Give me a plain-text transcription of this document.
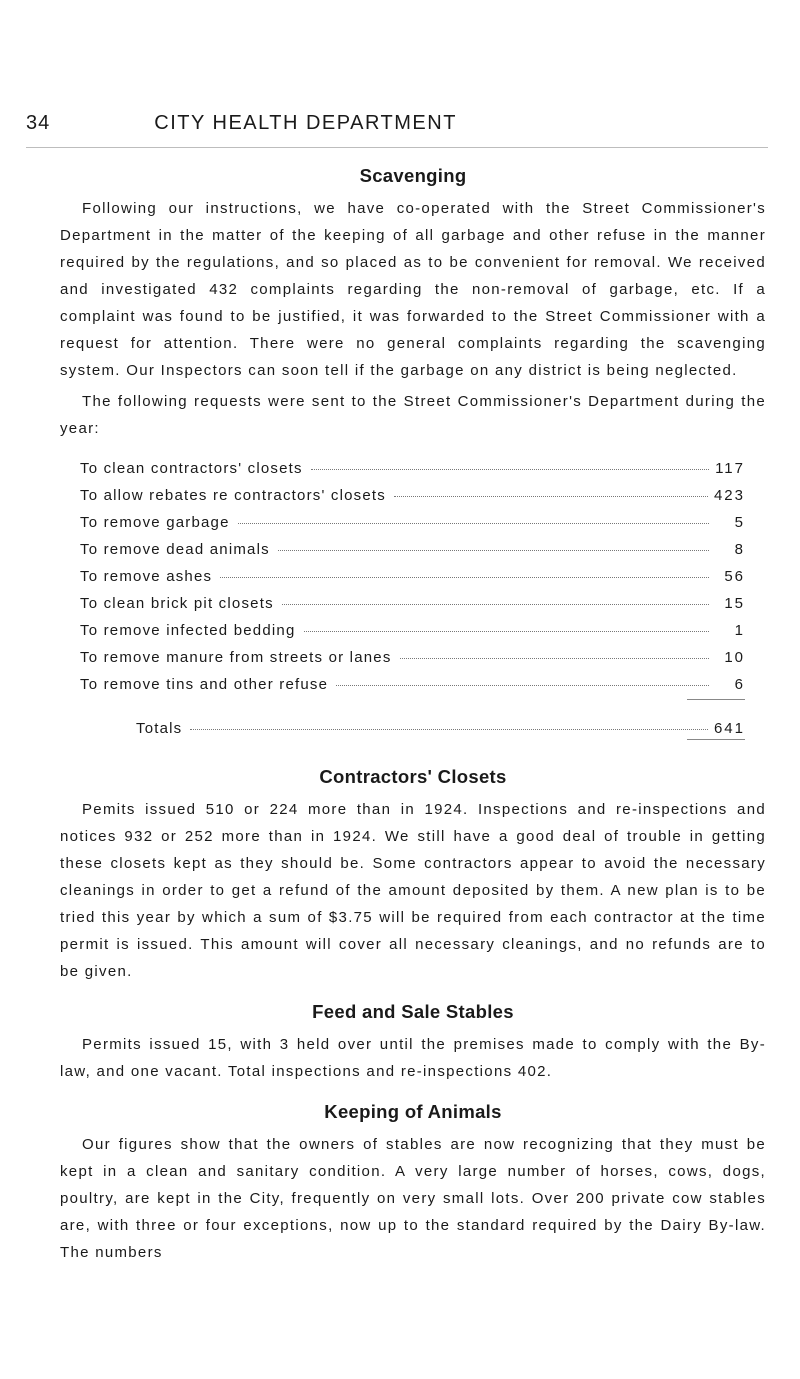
34	CITY HEALTH DEPARTMENT
Scavenging

Following our instructions, we have co-operated with the Street Commissioner's Department in the matter of the keeping of all garbage and other refuse in the manner required by the regulations, and so placed as to be convenient for removal. We received and investigated 432 complaints regarding the non-removal of garbage, etc. If a complaint was found to be justified, it was forwarded to the Street Commissioner with a request for attention. There were no general complaints regarding the scavenging system. Our Inspectors can soon tell if the garbage on any district is being neglected.

The following requests were sent to the Street Commissioner's Department during the year:

To clean contractors' closets	117
To allow rebates re contractors' closets	423
To remove garbage	5
To remove dead animals	8
To remove ashes	56
To clean brick pit closets	15
To remove infected bedding	1
To remove manure from streets or lanes	10
To remove tins and other refuse	6
Totals	641
Contractors' Closets

Pemits issued 510 or 224 more than in 1924. Inspections and re-inspections and notices 932 or 252 more than in 1924. We still have a good deal of trouble in getting these closets kept as they should be. Some contractors appear to avoid the necessary cleanings in order to get a refund of the amount deposited by them. A new plan is to be tried this year by which a sum of $3.75 will be required from each contractor at the time permit is issued. This amount will cover all necessary cleanings, and no refunds are to be given.

Feed and Sale Stables

Permits issued 15, with 3 held over until the premises made to comply with the By-law, and one vacant. Total inspections and re-inspections 402.

Keeping of Animals

Our figures show that the owners of stables are now recognizing that they must be kept in a clean and sanitary condition. A very large number of horses, cows, dogs, poultry, are kept in the City, frequently on very small lots. Over 200 private cow stables are, with three or four exceptions, now up to the standard required by the Dairy By-law. The numbers
